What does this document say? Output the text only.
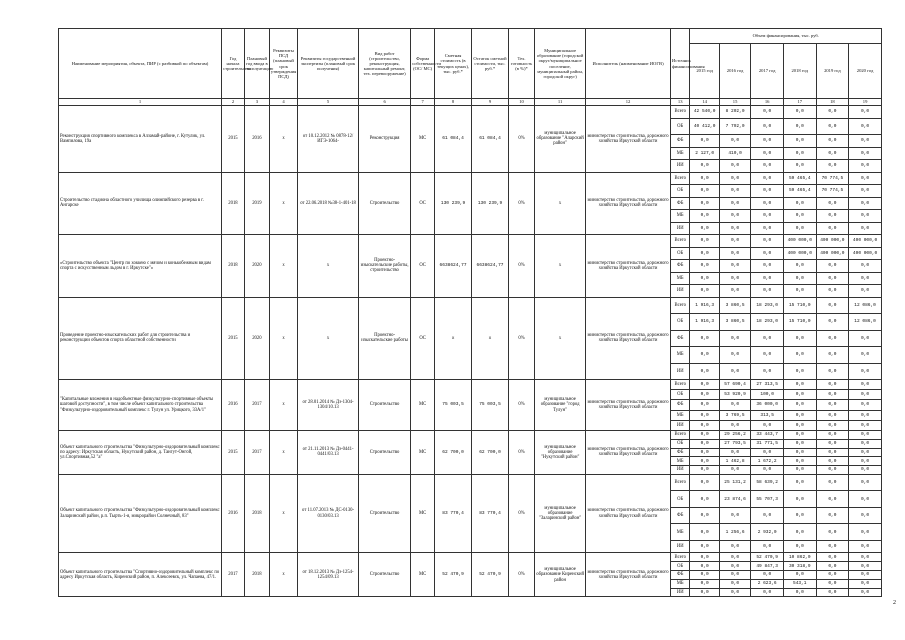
Наименование мероприятия, объекта, ПИР (с разбивкой по объектам)	Год начала строительства	Плановый год ввода в эксплуатацию	Реквизиты ПСД (плановый срок утверждения ПСД)	Реквизиты государственной экспертизы (плановый срок получения)	Вид работ (строительство, реконструкция, капитальный ремонт, тех. перевооружение)	Форма собственности (ОС/ МС)	Сметная стоимость (в текущих ценах), тыс. руб.*	Остаток сметной стоимости, тыс. руб.*	Тех. готовность (в %)*	Муниципальное образование (городской округ/муниципальное поселение, муниципальный район, городской округ)	Исполнитель (наименование ИОГВ)	Источник финансирования	Объем финансирования, тыс. руб.					
													2015 год	2016 год	2017 год	2018 год	2019 год	2020 год
1	2	3	4	5	6	7	8	9	10	11	12	13	14	15	16	17	18	19
Реконструкция спортивного комплекса в Алзамай-районе, г. Кутулик, ул. Вампилова, 19а	2015	2016	х	от 10.12.2012 № 0878-12/ИГЭ-1064-	Реконструкция	МС	61 084,4	61 084,4	0%	муниципальное образование "Аларский район"	министерство строительства, дорожного хозяйства Иркутской области	Всего	42 540,0	8 202,0	0,0	0,0	0,0	0,0
												ОБ	40 412,0	7 792,0	0,0	0,0	0,0	0,0
												ФБ	0,0	0,0	0,0	0,0	0,0	0,0
												МБ	2 127,0	410,0	0,0	0,0	0,0	0,0
												ИИ	0,0	0,0	0,0	0,0	0,0	0,0
Строительство стадиона областного училища олимпийского резерва в г. Ангарске	2018	2019	х	от 22.06.2018 №38-1-401-18	Строительство	ОС	130 239,9	130 239,9	0%	х	министерство строительства, дорожного хозяйства Иркутской области	Всего	0,0	0,0	0,0	59 465,4	70 774,5	0,0
												ОБ	0,0	0,0	0,0	59 465,4	70 774,5	0,0
												ФБ	0,0	0,0	0,0	0,0	0,0	0,0
												МБ	0,0	0,0	0,0	0,0	0,0	0,0
												ИИ	0,0	0,0	0,0	0,0	0,0	0,0
«Строительство объекта "Центр по хоккею с мячом и конькобежным видам спорта с искусственным льдом в г. Иркутске"»	2018	2020	х	х	Проектно-изыскательские работы, строительство	ОС	6638624,77	6638624,77	0%	х	министерство строительства, дорожного хозяйства Иркутской области	Всего	0,0	0,0	0,0	400 000,0	400 000,0	400 000,0
												ОБ	0,0	0,0	0,0	400 000,0	400 000,0	400 000,0
												ФБ	0,0	0,0	0,0	0,0	0,0	0,0
												МБ	0,0	0,0	0,0	0,0	0,0	0,0
												ИИ	0,0	0,0	0,0	0,0	0,0	0,0
Проведение проектно-изыскательских работ для строительства и реконструкции объектов спорта областной собственности	2015	2020	х	х	Проектно-изыскательские работы	ОС	х	х	0%	х	министерство строительства, дорожного хозяйства Иркутской области	Всего	1 916,3	3 860,5	18 293,0	15 710,0	0,0	12 086,0
												ОБ	1 916,3	3 860,5	18 293,0	15 710,0	0,0	12 086,0
												ФБ	0,0	0,0	0,0	0,0	0,0	0,0
												МБ	0,0	0,0	0,0	0,0	0,0	0,0
												ИИ	0,0	0,0	0,0	0,0	0,0	0,0
"Капитальные вложения в надобъектные физкультурно-спортивные объекты шаговой доступности", в том числе объект капитального строительства "Физкультурно-оздоровительный комплекс г. Тулун ул. Урицкого, 33А/1"	2016	2017	х	от 28.01.2014 № Дз-1304-1304/10.13	Строительство	МС	75 003,5	75 003,5	0%	муниципальное образование "город Тулун"	министерство строительства, дорожного хозяйства Иркутской области	Всего	0,0	57 690,4	27 313,5	0,0	0,0	0,0
												ОБ	0,0	53 920,9	100,0	0,0	0,0	0,0
												ФБ	0,0	0,0	36 000,0	0,0	0,0	0,0
												МБ	0,0	3 769,5	313,5	0,0	0,0	0,0
												ИИ	0,0	0,0	0,0	0,0	0,0	0,0
Объект капитального строительства "Физкультурно-оздоровительный комплекс по адресу: Иркутская область, Нукутский район, д. Тангут-Онгой, ул.Спортивная,52 "а"	2015	2017	х	от 21.11.2013 № Дз-0441-0441/03.13	Строительство	МС	62 700,0	62 700,0	0%	муниципальное образование "Нукутский район"	министерство строительства, дорожного хозяйства Иркутской области	Всего	0,0	29 256,2	33 443,7	0,0	0,0	0,0
												ОБ	0,0	27 793,5	31 771,5	0,0	0,0	0,0
												ФБ	0,0	0,0	0,0	0,0	0,0	0,0
												МБ	0,0	1 462,8	1 672,2	0,0	0,0	0,0
												ИИ	0,0	0,0	0,0	0,0	0,0	0,0
Объект капитального строительства "Физкультурно-оздоровительный комплекс Заларинский район, р.п. Тырть-1-я, микрорайон Солнечный, 83"	2016	2018	х	от 11.07.2013 № ДС-0130-0130/03.13	Строительство	МС	83 770,4	83 770,4	0%	муниципальное образование "Заларинский район"	министерство строительства, дорожного хозяйства Иркутской области	Всего	0,0	25 131,2	58 639,2	0,0	0,0	0,0
												ОБ	0,0	23 874,6	55 707,3	0,0	0,0	0,0
												ФБ	0,0	0,0	0,0	0,0	0,0	0,0
												МБ	0,0	1 256,6	2 932,0	0,0	0,0	0,0
												ИИ	0,0	0,0	0,0	0,0	0,0	0,0
Объект капитального строительства "Спортивно-оздоровительный комплекс по адресу Иркутская область, Киренский район, п. Алексеевск, ул. Чапаева, 47/1.	2017	2018	х	от 18.12.2013 № Дз-1254-1254/09.13	Строительство	МС	52 470,9	52 470,9	0%	муниципальное образование Киренский район	министерство строительства, дорожного хозяйства Иркутской области	Всего	0,0	0,0	52 470,9	10 862,0	0,0	0,0
												ОБ	0,0	0,0	49 847,3	30 318,9	0,0	0,0
												ФБ	0,0	0,0	0,0	0,0	0,0	0,0
												МБ	0,0	0,0	2 623,6	543,1	0,0	0,0
												ИИ	0,0	0,0	0,0	0,0	0,0	0,0
2
